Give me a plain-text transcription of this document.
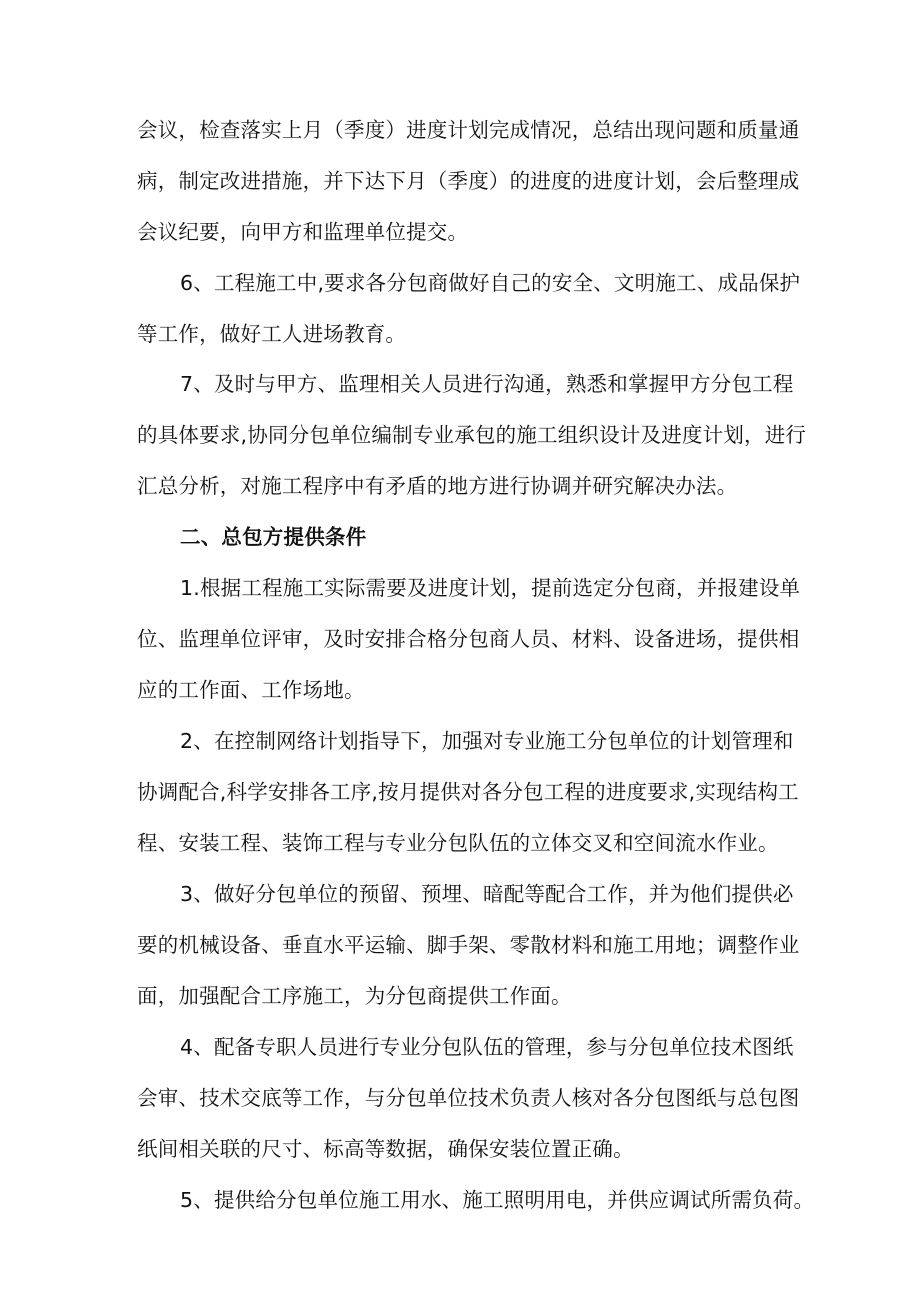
会议，检查落实上月（季度）进度计划完成情况，总结出现问题和质量通
病，制定改进措施，并下达下月（季度）的进度的进度计划，会后整理成
会议纪要，向甲方和监理单位提交。
6、工程施工中,要求各分包商做好自己的安全、文明施工、成品保护
等工作，做好工人进场教育。
7、及时与甲方、监理相关人员进行沟通，熟悉和掌握甲方分包工程
的具体要求,协同分包单位编制专业承包的施工组织设计及进度计划，进行
汇总分析，对施工程序中有矛盾的地方进行协调并研究解决办法。
二、总包方提供条件
1.根据工程施工实际需要及进度计划，提前选定分包商，并报建设单
位、监理单位评审，及时安排合格分包商人员、材料、设备进场，提供相
应的工作面、工作场地。
2、在控制网络计划指导下，加强对专业施工分包单位的计划管理和
协调配合,科学安排各工序,按月提供对各分包工程的进度要求,实现结构工
程、安装工程、装饰工程与专业分包队伍的立体交叉和空间流水作业。
3、做好分包单位的预留、预埋、暗配等配合工作，并为他们提供必
要的机械设备、垂直水平运输、脚手架、零散材料和施工用地；调整作业
面，加强配合工序施工，为分包商提供工作面。
4、配备专职人员进行专业分包队伍的管理，参与分包单位技术图纸
会审、技术交底等工作，与分包单位技术负责人核对各分包图纸与总包图
纸间相关联的尺寸、标高等数据，确保安装位置正确。
5、提供给分包单位施工用水、施工照明用电，并供应调试所需负荷。
